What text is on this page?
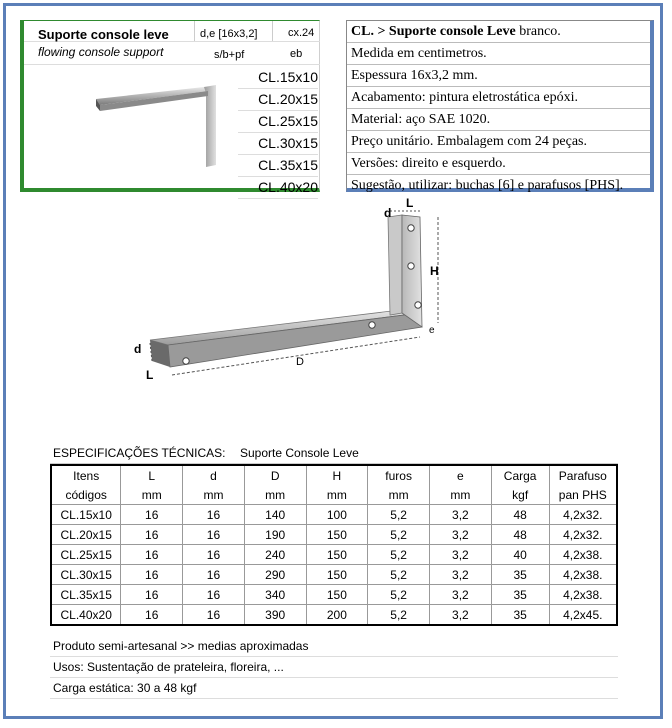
Suporte console leve
flowing console support
d,e [16x3,2]	cx.24
s/b+pf	eb
CL.15x10
CL.20x15
CL.25x15
CL.30x15
CL.35x15
CL.40x20
CL. > Suporte console Leve branco.
Medida em centimetros.
Espessura 16x3,2 mm.
Acabamento: pintura eletrostática epóxi.
Material: aço SAE 1020.
Preço unitário. Embalagem com 24 peças.
Versões: direito e esquerdo.
Sugestão, utilizar: buchas [6] e parafusos [PHS].
d
L
H
e
d
L
D
ESPECIFICAÇÕES TÉCNICAS: Suporte Console Leve
Itens	L	d	D	H	furos	e	Carga	Parafuso
códigos	mm	mm	mm	mm	mm	mm	kgf	pan PHS
CL.15x10	16	16	140	100	5,2	3,2	48	4,2x32.
CL.20x15	16	16	190	150	5,2	3,2	48	4,2x32.
CL.25x15	16	16	240	150	5,2	3,2	40	4,2x38.
CL.30x15	16	16	290	150	5,2	3,2	35	4,2x38.
CL.35x15	16	16	340	150	5,2	3,2	35	4,2x38.
CL.40x20	16	16	390	200	5,2	3,2	35	4,2x45.
Produto semi-artesanal >> medias aproximadas
Usos: Sustentação de prateleira, floreira, ...
Carga estática: 30 a 48 kgf
